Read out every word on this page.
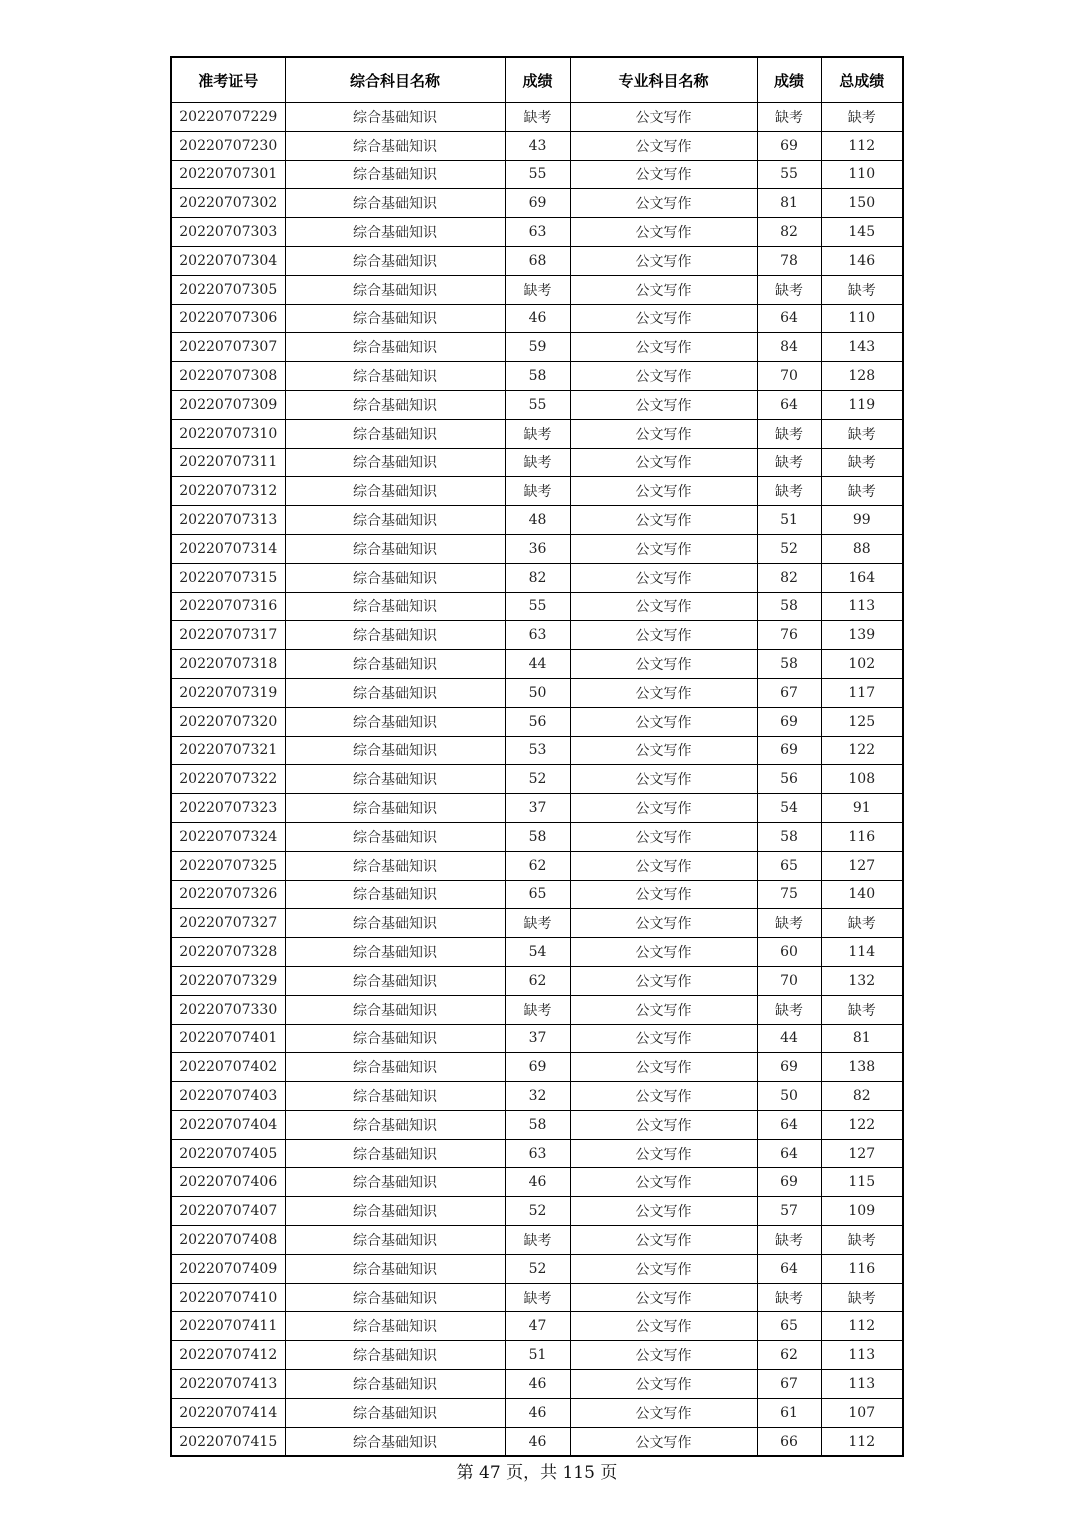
准考证号	综合科目名称	成绩	专业科目名称	成绩	总成绩
20220707229	综合基础知识	缺考	公文写作	缺考	缺考
20220707230	综合基础知识	43	公文写作	69	112
20220707301	综合基础知识	55	公文写作	55	110
20220707302	综合基础知识	69	公文写作	81	150
20220707303	综合基础知识	63	公文写作	82	145
20220707304	综合基础知识	68	公文写作	78	146
20220707305	综合基础知识	缺考	公文写作	缺考	缺考
20220707306	综合基础知识	46	公文写作	64	110
20220707307	综合基础知识	59	公文写作	84	143
20220707308	综合基础知识	58	公文写作	70	128
20220707309	综合基础知识	55	公文写作	64	119
20220707310	综合基础知识	缺考	公文写作	缺考	缺考
20220707311	综合基础知识	缺考	公文写作	缺考	缺考
20220707312	综合基础知识	缺考	公文写作	缺考	缺考
20220707313	综合基础知识	48	公文写作	51	99
20220707314	综合基础知识	36	公文写作	52	88
20220707315	综合基础知识	82	公文写作	82	164
20220707316	综合基础知识	55	公文写作	58	113
20220707317	综合基础知识	63	公文写作	76	139
20220707318	综合基础知识	44	公文写作	58	102
20220707319	综合基础知识	50	公文写作	67	117
20220707320	综合基础知识	56	公文写作	69	125
20220707321	综合基础知识	53	公文写作	69	122
20220707322	综合基础知识	52	公文写作	56	108
20220707323	综合基础知识	37	公文写作	54	91
20220707324	综合基础知识	58	公文写作	58	116
20220707325	综合基础知识	62	公文写作	65	127
20220707326	综合基础知识	65	公文写作	75	140
20220707327	综合基础知识	缺考	公文写作	缺考	缺考
20220707328	综合基础知识	54	公文写作	60	114
20220707329	综合基础知识	62	公文写作	70	132
20220707330	综合基础知识	缺考	公文写作	缺考	缺考
20220707401	综合基础知识	37	公文写作	44	81
20220707402	综合基础知识	69	公文写作	69	138
20220707403	综合基础知识	32	公文写作	50	82
20220707404	综合基础知识	58	公文写作	64	122
20220707405	综合基础知识	63	公文写作	64	127
20220707406	综合基础知识	46	公文写作	69	115
20220707407	综合基础知识	52	公文写作	57	109
20220707408	综合基础知识	缺考	公文写作	缺考	缺考
20220707409	综合基础知识	52	公文写作	64	116
20220707410	综合基础知识	缺考	公文写作	缺考	缺考
20220707411	综合基础知识	47	公文写作	65	112
20220707412	综合基础知识	51	公文写作	62	113
20220707413	综合基础知识	46	公文写作	67	113
20220707414	综合基础知识	46	公文写作	61	107
20220707415	综合基础知识	46	公文写作	66	112
第 47 页，共 115 页
